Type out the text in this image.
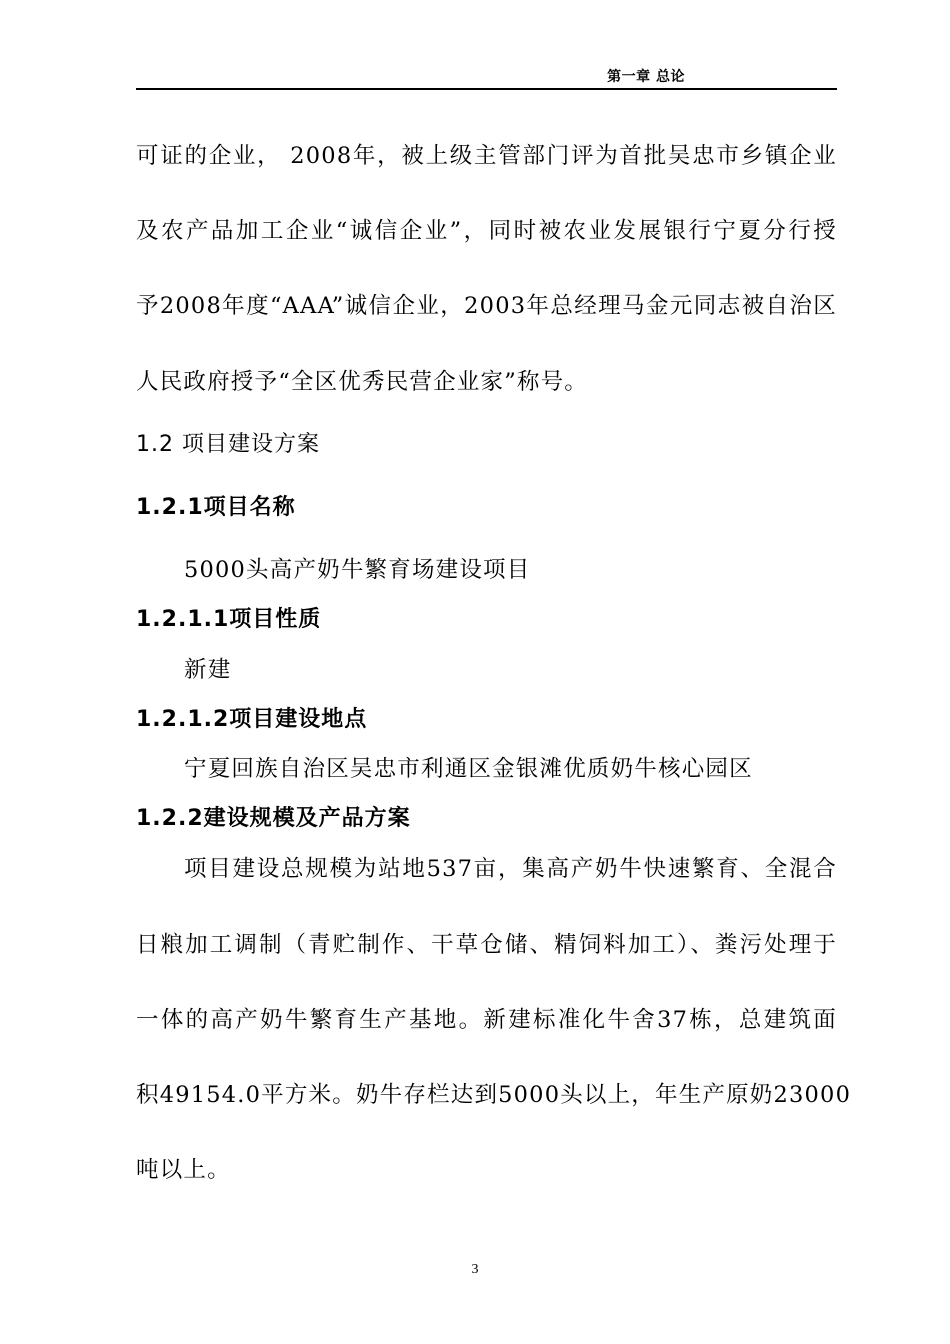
第一章 总论
可证的企业， 2008年，被上级主管部门评为首批吴忠市乡镇企业
及农产品加工企业“诚信企业”，同时被农业发展银行宁夏分行授
予2008年度“AAA”诚信企业，2003年总经理马金元同志被自治区
人民政府授予“全区优秀民营企业家”称号。
1.2 项目建设方案
1.2.1项目名称
5000头高产奶牛繁育场建设项目
1.2.1.1项目性质
新建
1.2.1.2项目建设地点
宁夏回族自治区吴忠市利通区金银滩优质奶牛核心园区
1.2.2建设规模及产品方案
项目建设总规模为站地537亩，集高产奶牛快速繁育、全混合
日粮加工调制（青贮制作、干草仓储、精饲料加工）、粪污处理于
一体的高产奶牛繁育生产基地。新建标准化牛舍37栋，总建筑面
积49154.0平方米。奶牛存栏达到5000头以上，年生产原奶23000
吨以上。
3
